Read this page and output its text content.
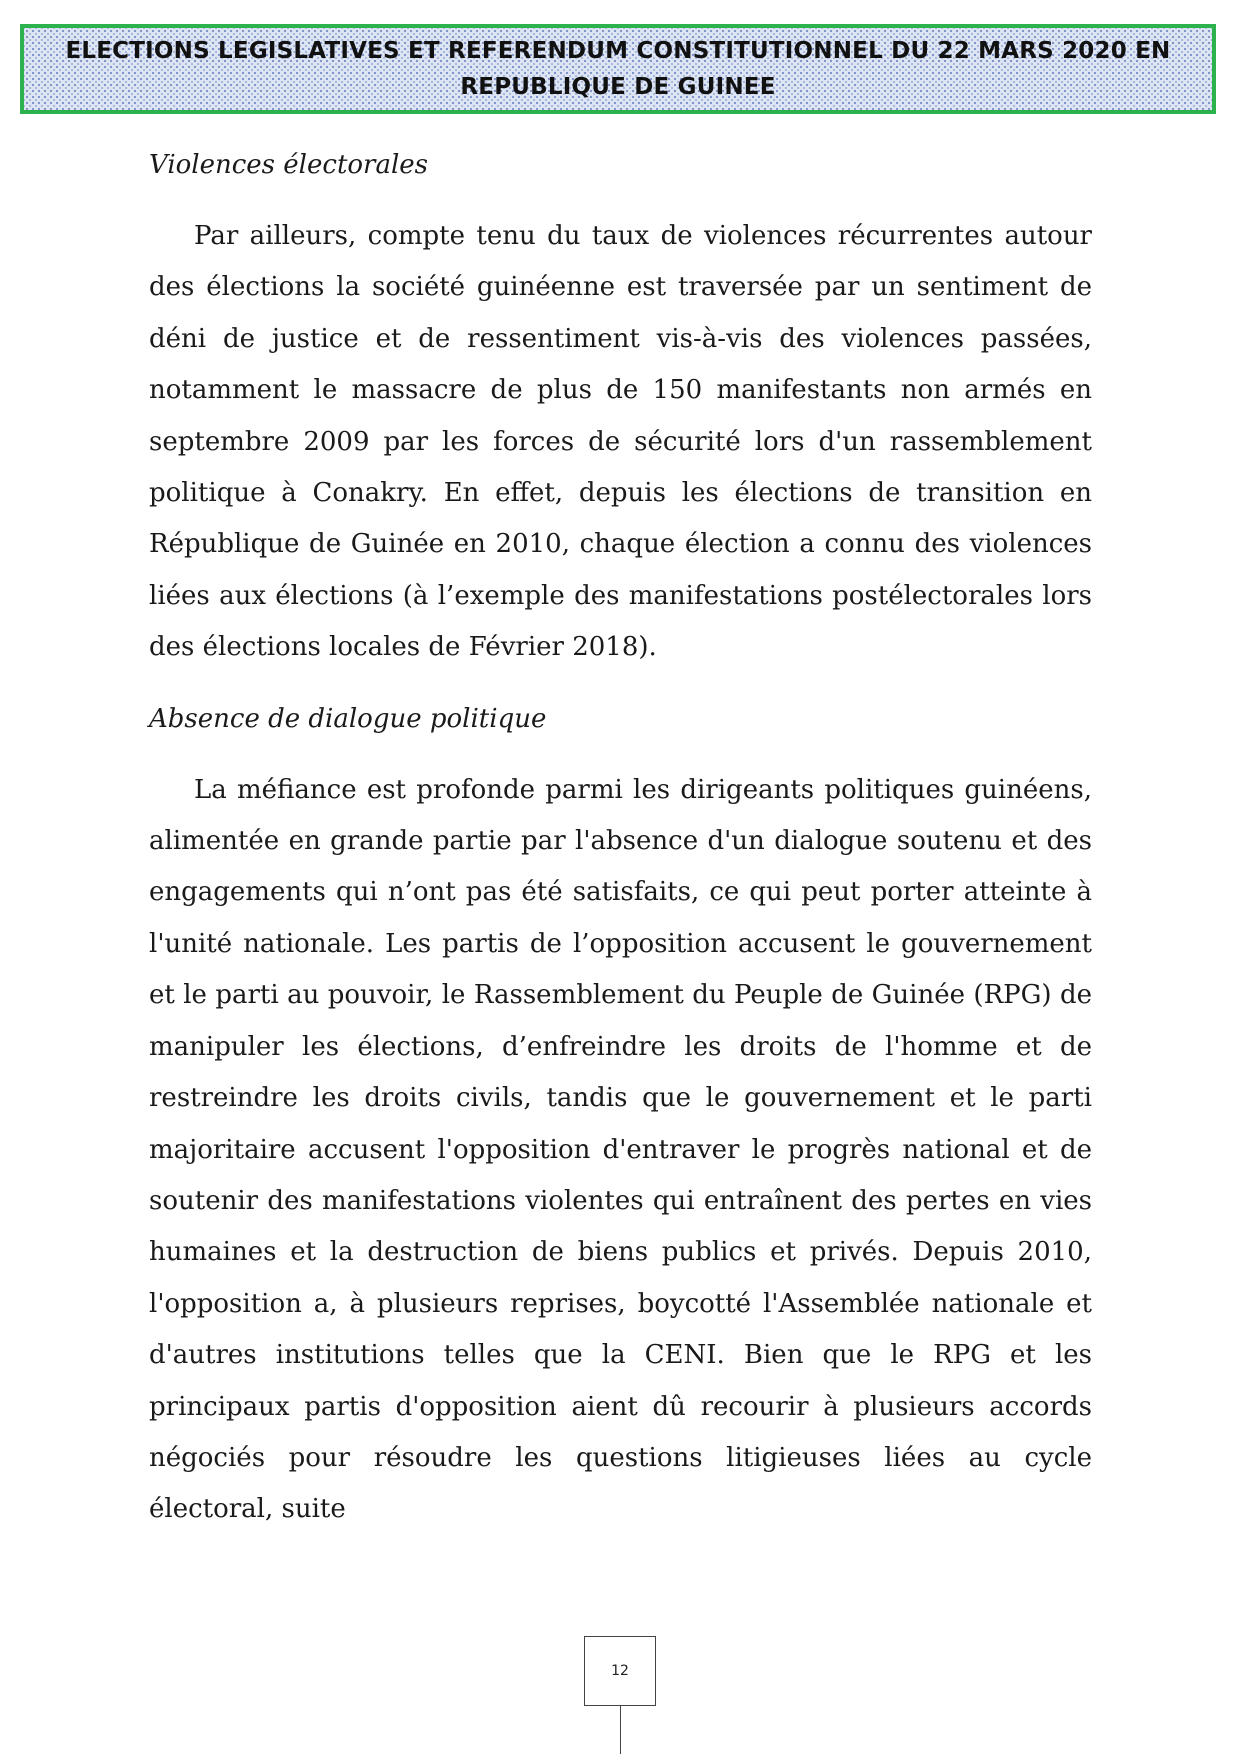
ELECTIONS LEGISLATIVES ET REFERENDUM CONSTITUTIONNEL DU 22 MARS 2020 EN REPUBLIQUE DE GUINEE
Violences électorales

Par ailleurs, compte tenu du taux de violences récurrentes autour des élections la société guinéenne est traversée par un sentiment de déni de justice et de ressentiment vis-à-vis des violences passées, notamment le massacre de plus de 150 manifestants non armés en septembre 2009 par les forces de sécurité lors d'un rassemblement politique à Conakry. En effet, depuis les élections de transition en République de Guinée en 2010, chaque élection a connu des violences liées aux élections (à l’exemple des manifestations postélectorales lors des élections locales de Février 2018).

Absence de dialogue politique

La méfiance est profonde parmi les dirigeants politiques guinéens, alimentée en grande partie par l'absence d'un dialogue soutenu et des engagements qui n’ont pas été satisfaits, ce qui peut porter atteinte à l'unité nationale. Les partis de l’opposition accusent le gouvernement et le parti au pouvoir, le Rassemblement du Peuple de Guinée (RPG) de manipuler les élections, d’enfreindre les droits de l'homme et de restreindre les droits civils, tandis que le gouvernement et le parti majoritaire accusent l'opposition d'entraver le progrès national et de soutenir des manifestations violentes qui entraînent des pertes en vies humaines et la destruction de biens publics et privés. Depuis 2010, l'opposition a, à plusieurs reprises, boycotté l'Assemblée nationale et d'autres institutions telles que la CENI. Bien que le RPG et les principaux partis d'opposition aient dû recourir à plusieurs accords négociés pour résoudre les questions litigieuses liées au cycle électoral, suite

12
